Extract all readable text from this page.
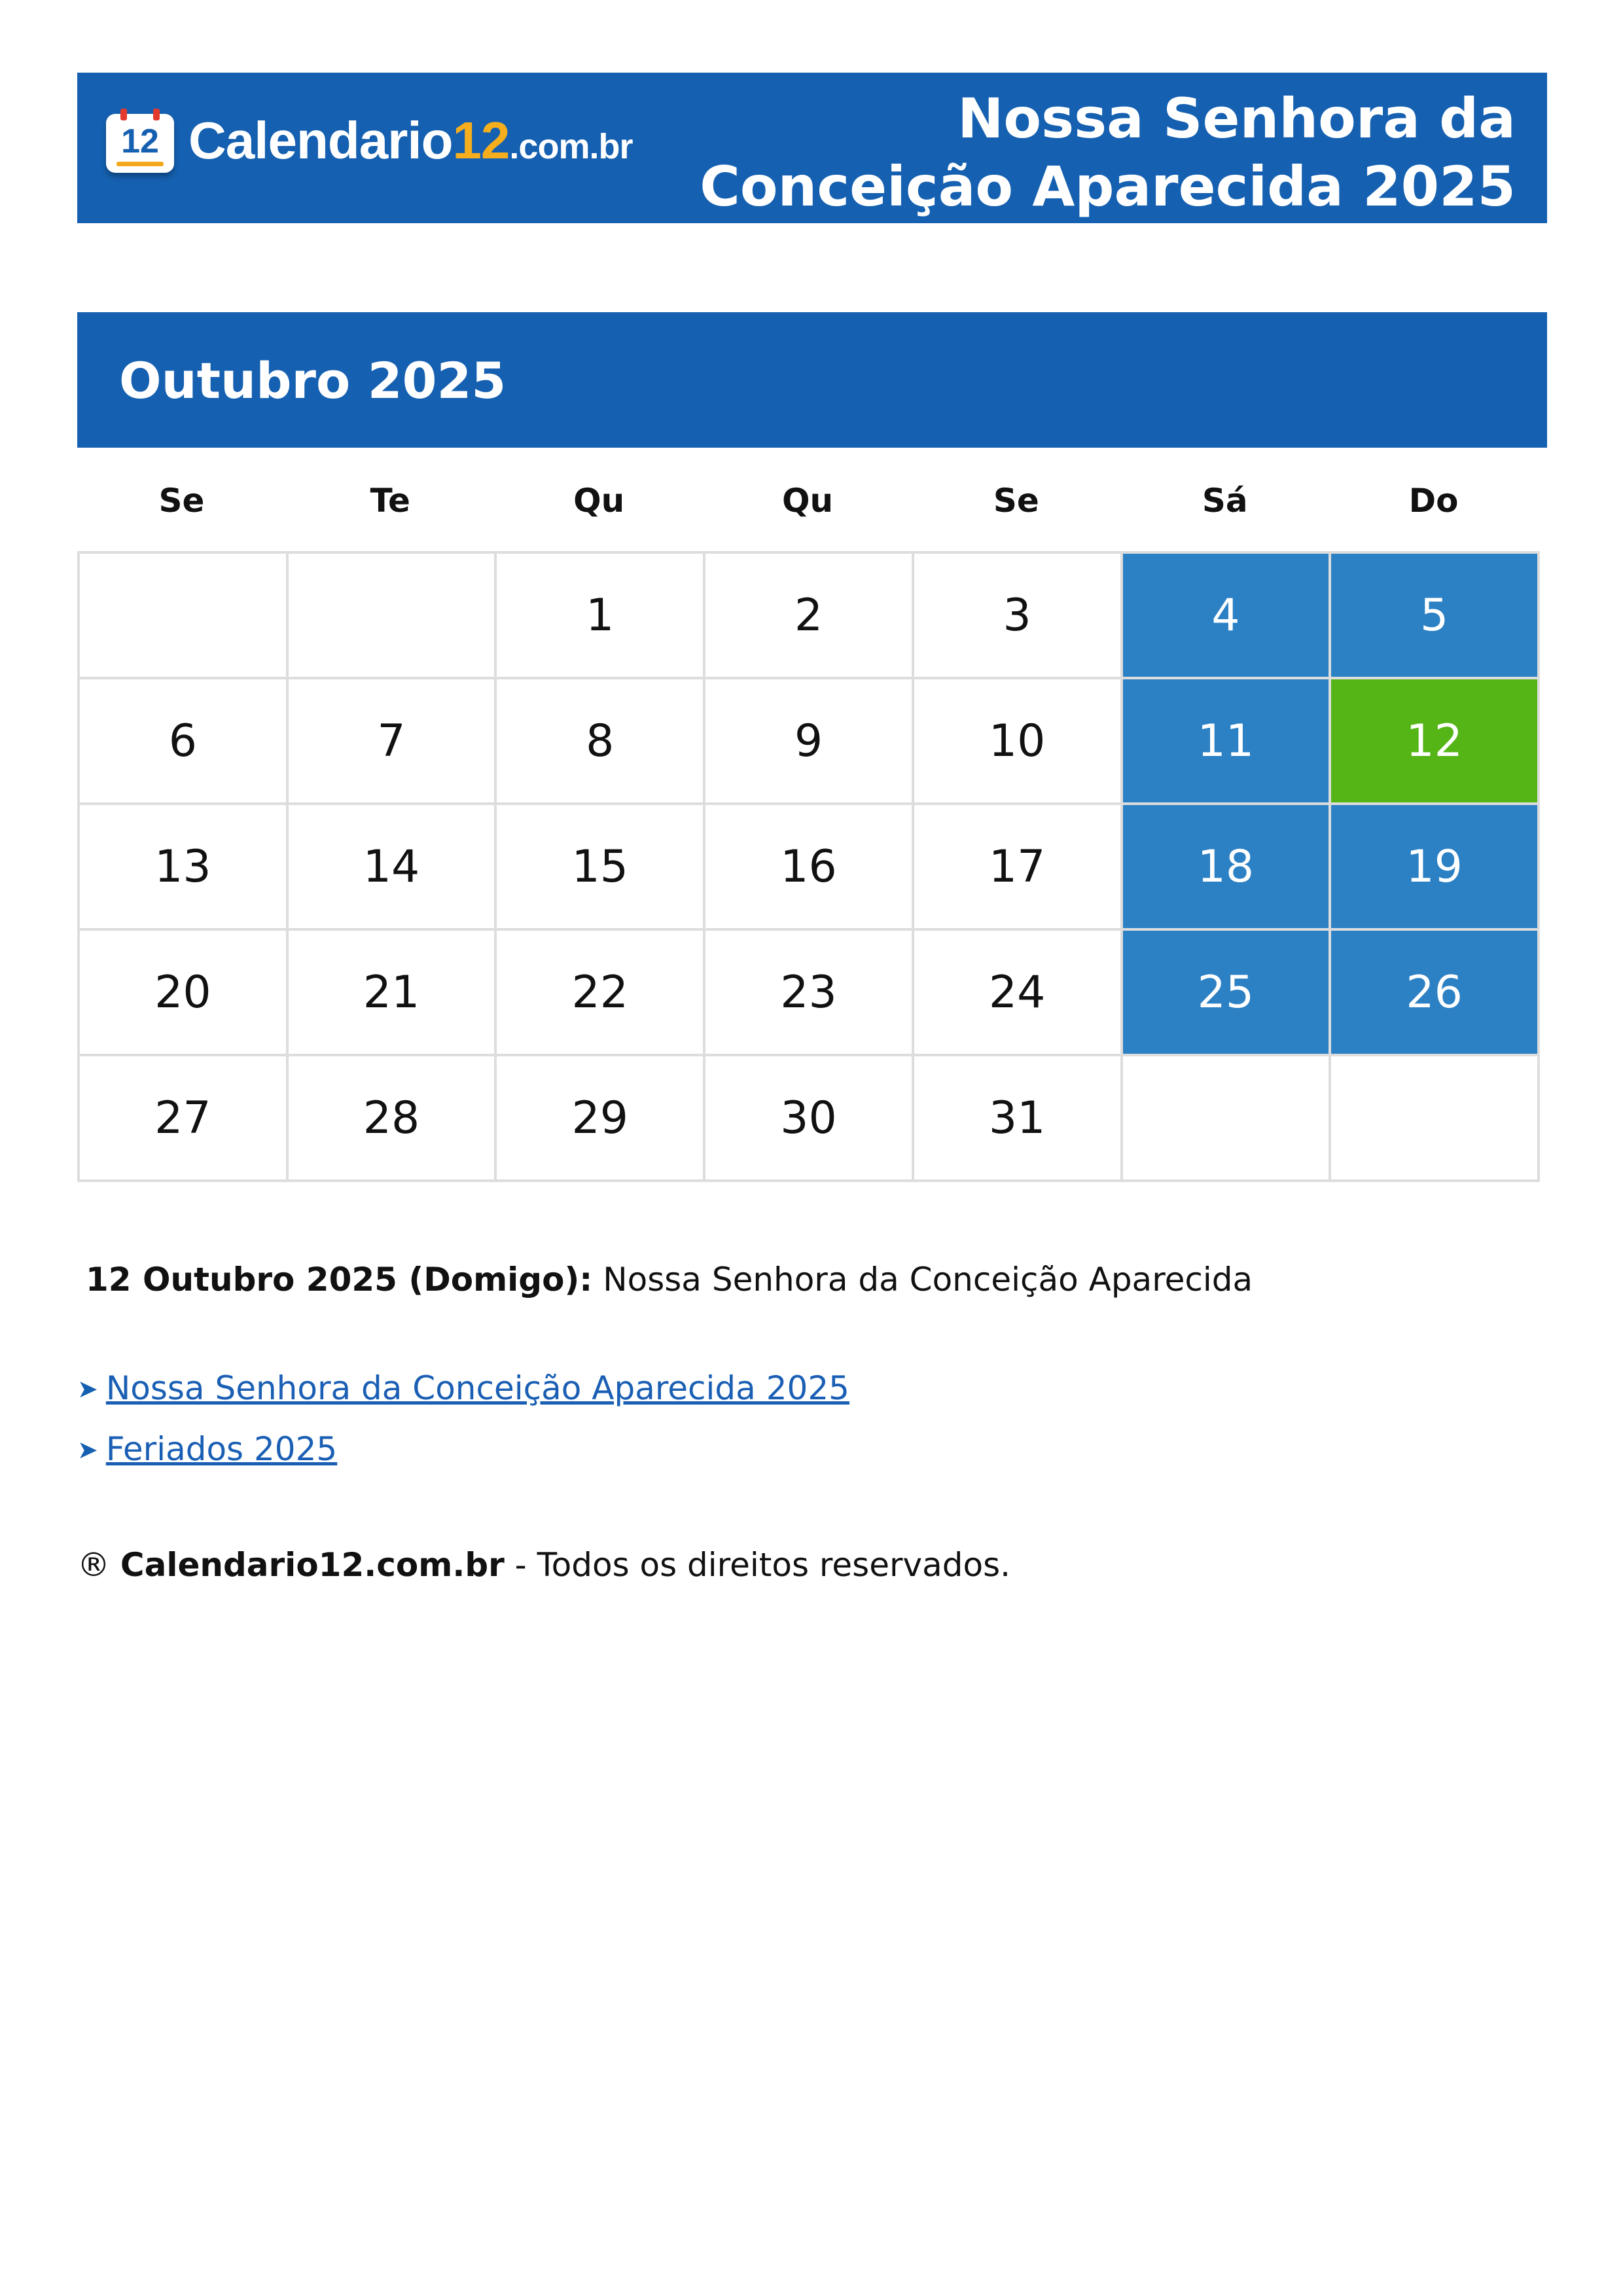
12 Calendario12.com.br	Nossa Senhora da
Conceição Aparecida 2025
Outubro 2025
Se	Te	Qu	Qu	Se	Sá	Do
		1	2	3	4	5
6	7	8	9	10	11	12
13	14	15	16	17	18	19
20	21	22	23	24	25	26
27	28	29	30	31		

12 Outubro 2025 (Domigo): Nossa Senhora da Conceição Aparecida

➤ Nossa Senhora da Conceição Aparecida 2025
➤ Feriados 2025

® Calendario12.com.br - Todos os direitos reservados.
